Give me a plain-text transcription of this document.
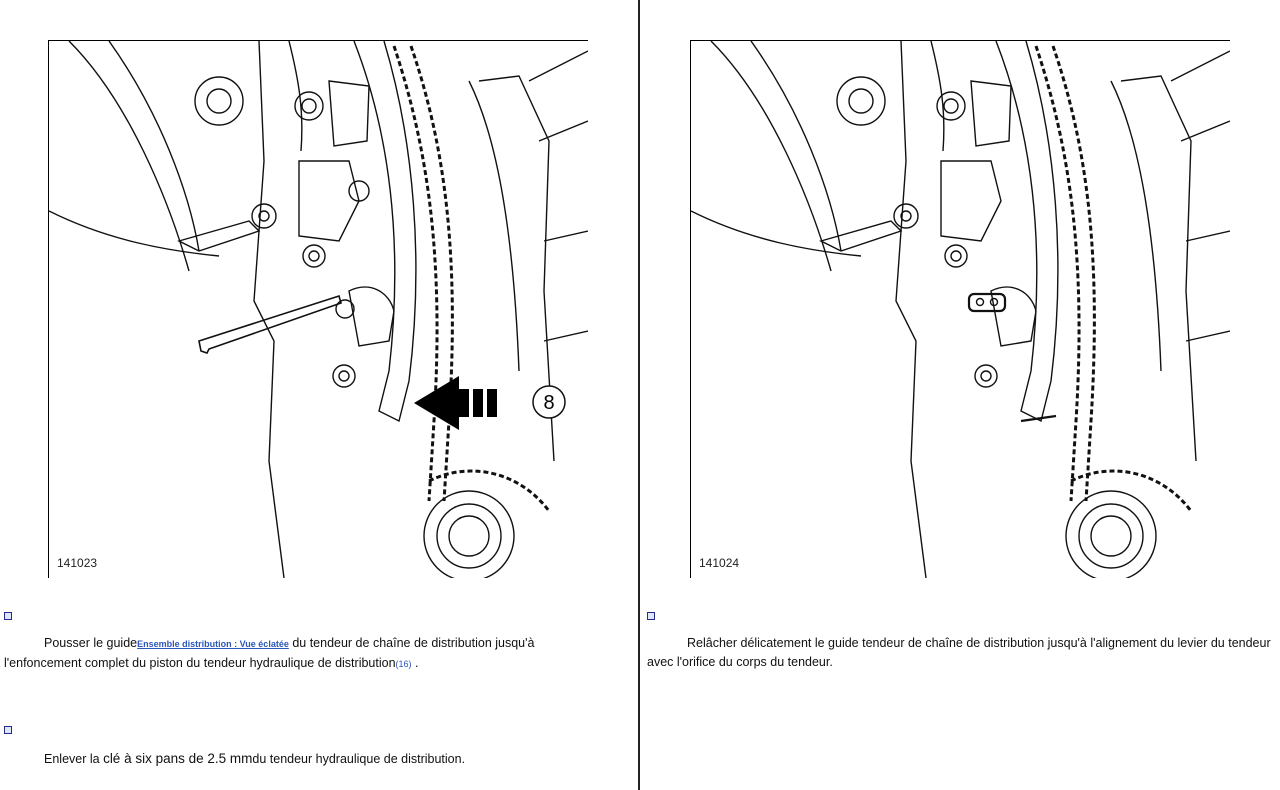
8
141023
Pousser le guideEnsemble distribution : Vue éclatée du tendeur de chaîne de distribution jusqu'à l'enfoncement complet du piston du tendeur hydraulique de distribution(16) .
Enlever la clé à six pans de 2.5 mmdu tendeur hydraulique de distribution.
141024
Relâcher délicatement le guide tendeur de chaîne de distribution jusqu'à l'alignement du levier du tendeur avec l'orifice du corps du tendeur.
